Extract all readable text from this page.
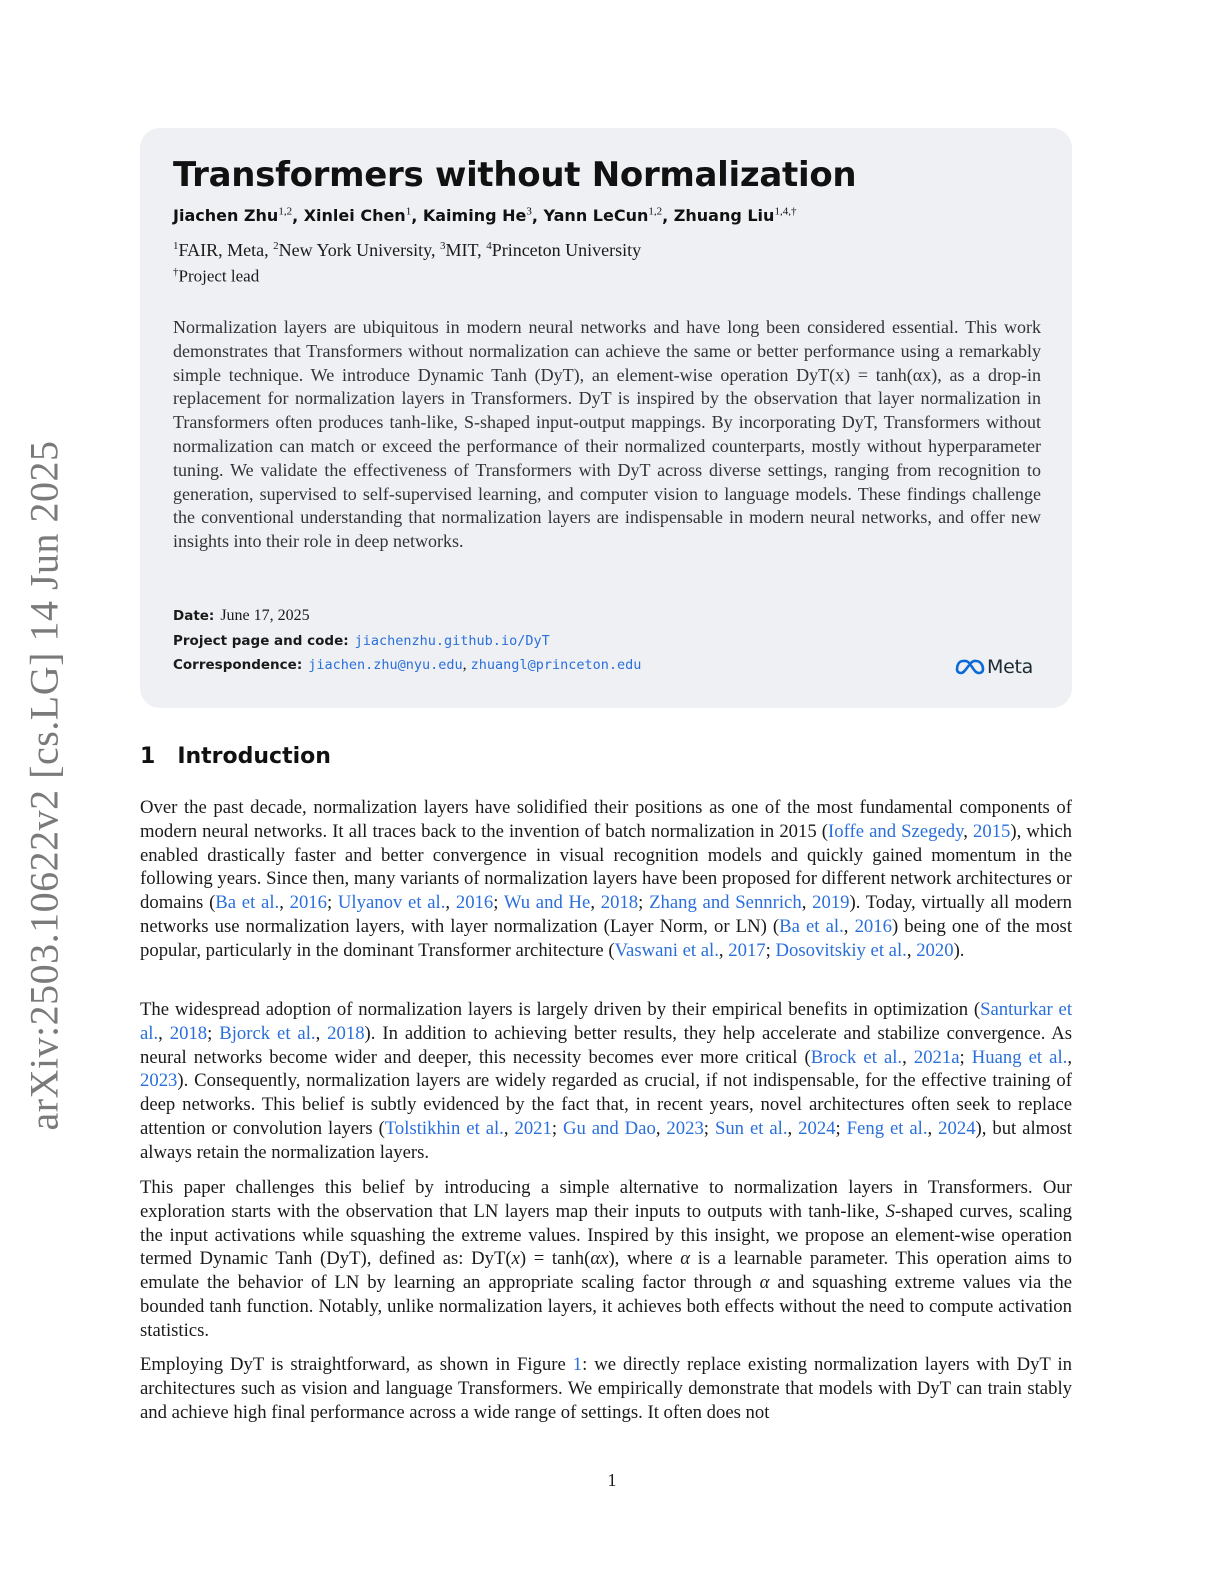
arXiv:2503.10622v2 [cs.LG] 14 Jun 2025
Transformers without Normalization
Jiachen Zhu$^{1,2}$, Xinlei Chen$^1$, Kaiming He$^3$, Yann LeCun$^{1,2}$, Zhuang Liu$^{1,4,\dagger}$
$^1$FAIR, Meta, $^2$New York University, $^3$MIT, $^4$Princeton University
†Project lead

Normalization layers are ubiquitous in modern neural networks and have long been considered essential. This work demonstrates that Transformers without normalization can achieve the same or better performance using a remarkably simple technique. We introduce Dynamic Tanh (DyT), an element-wise operation DyT(x) = tanh(αx), as a drop-in replacement for normalization layers in Transformers. DyT is inspired by the observation that layer normalization in Transformers often produces tanh-like, S-shaped input-output mappings. By incorporating DyT, Transformers without normalization can match or exceed the performance of their normalized counterparts, mostly without hyperparameter tuning. We validate the effectiveness of Transformers with DyT across diverse settings, ranging from recognition to generation, supervised to self-supervised learning, and computer vision to language models. These findings challenge the conventional understanding that normalization layers are indispensable in modern neural networks, and offer new insights into their role in deep networks.

Date: June 17, 2025
Project page and code: jiachenzhu.github.io/DyT
Correspondence: jiachen.zhu@nyu.edu, zhuangl@princeton.edu	Meta
1 Introduction

Over the past decade, normalization layers have solidified their positions as one of the most fundamental components of modern neural networks. It all traces back to the invention of batch normalization in 2015 (Ioffe and Szegedy, 2015), which enabled drastically faster and better convergence in visual recognition models and quickly gained momentum in the following years. Since then, many variants of normalization layers have been proposed for different network architectures or domains (Ba et al., 2016; Ulyanov et al., 2016; Wu and He, 2018; Zhang and Sennrich, 2019). Today, virtually all modern networks use normalization layers, with layer normalization (Layer Norm, or LN) (Ba et al., 2016) being one of the most popular, particularly in the dominant Transformer architecture (Vaswani et al., 2017; Dosovitskiy et al., 2020).

The widespread adoption of normalization layers is largely driven by their empirical benefits in optimization (Santurkar et al., 2018; Bjorck et al., 2018). In addition to achieving better results, they help accelerate and stabilize convergence. As neural networks become wider and deeper, this necessity becomes ever more critical (Brock et al., 2021a; Huang et al., 2023). Consequently, normalization layers are widely regarded as crucial, if not indispensable, for the effective training of deep networks. This belief is subtly evidenced by the fact that, in recent years, novel architectures often seek to replace attention or convolution layers (Tolstikhin et al., 2021; Gu and Dao, 2023; Sun et al., 2024; Feng et al., 2024), but almost always retain the normalization layers.

This paper challenges this belief by introducing a simple alternative to normalization layers in Transformers. Our exploration starts with the observation that LN layers map their inputs to outputs with tanh-like, S-shaped curves, scaling the input activations while squashing the extreme values. Inspired by this insight, we propose an element-wise operation termed Dynamic Tanh (DyT), defined as: DyT(x) = tanh(αx), where α is a learnable parameter. This operation aims to emulate the behavior of LN by learning an appropriate scaling factor through α and squashing extreme values via the bounded tanh function. Notably, unlike normalization layers, it achieves both effects without the need to compute activation statistics.

Employing DyT is straightforward, as shown in Figure 1: we directly replace existing normalization layers with DyT in architectures such as vision and language Transformers. We empirically demonstrate that models with DyT can train stably and achieve high final performance across a wide range of settings. It often does not

1
